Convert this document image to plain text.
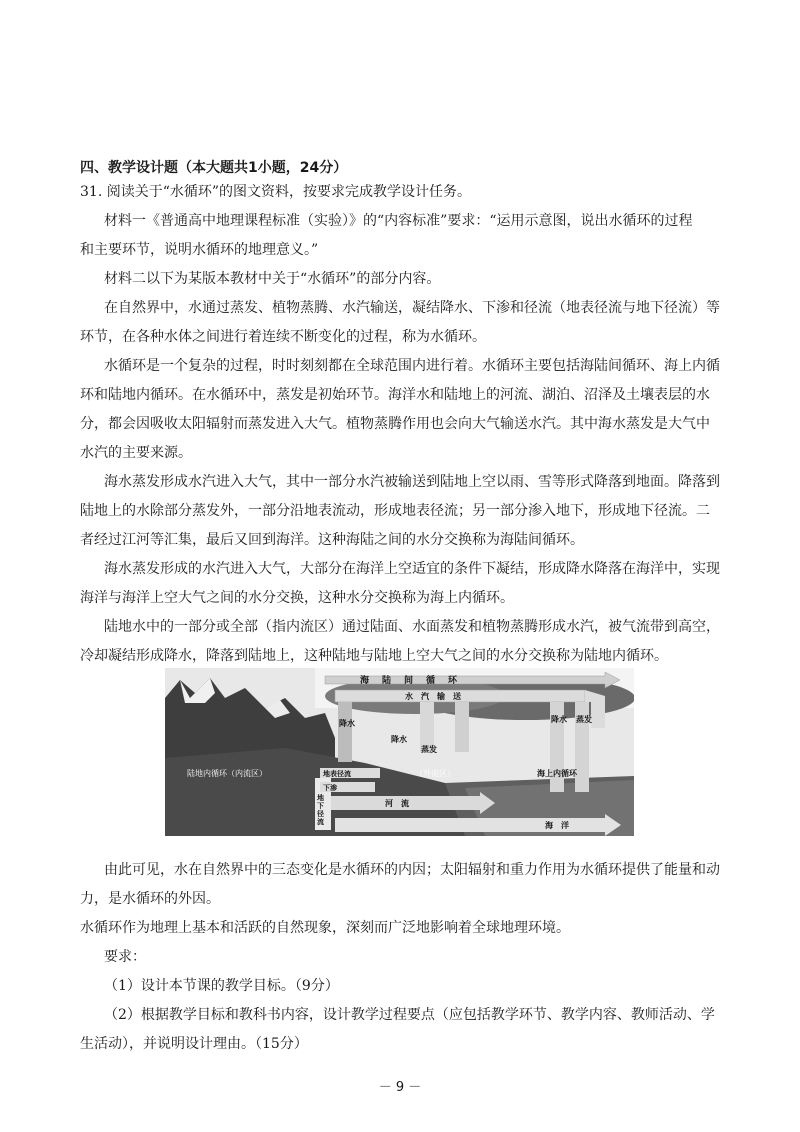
四、教学设计题（本大题共1小题，24分）
31. 阅读关于“水循环”的图文资料，按要求完成教学设计任务。
材料一《普通高中地理课程标准（实验）》的“内容标准”要求：“运用示意图，说出水循环的过程
和主要环节，说明水循环的地理意义。”
材料二以下为某版本教材中关于“水循环”的部分内容。
在自然界中，水通过蒸发、植物蒸腾、水汽输送，凝结降水、下渗和径流（地表径流与地下径流）等
环节，在各种水体之间进行着连续不断变化的过程，称为水循环。
水循环是一个复杂的过程，时时刻刻都在全球范围内进行着。水循环主要包括海陆间循环、海上内循
环和陆地内循环。在水循环中，蒸发是初始环节。海洋水和陆地上的河流、湖泊、沼泽及土壤表层的水
分，都会因吸收太阳辐射而蒸发进入大气。植物蒸腾作用也会向大气输送水汽。其中海水蒸发是大气中
水汽的主要来源。
海水蒸发形成水汽进入大气，其中一部分水汽被输送到陆地上空以雨、雪等形式降落到地面。降落到
陆地上的水除部分蒸发外，一部分沿地表流动，形成地表径流；另一部分渗入地下，形成地下径流。二
者经过江河等汇集，最后又回到海洋。这种海陆之间的水分交换称为海陆间循环。
海水蒸发形成的水汽进入大气，大部分在海洋上空适宜的条件下凝结，形成降水降落在海洋中，实现
海洋与海洋上空大气之间的水分交换，这种水分交换称为海上内循环。
陆地水中的一部分或全部（指内流区）通过陆面、水面蒸发和植物蒸腾形成水汽，被气流带到高空，
冷却凝结形成降水，降落到陆地上，这种陆地与陆地上空大气之间的水分交换称为陆地内循环。
海　陆　间　循　环
水　汽　输　送
降水
降水
蒸发
降水 蒸发
海上内循环
陆地内循环（内流区）	（外流区）
地表径流
下渗
地下径流
河　流
海　洋
由此可见，水在自然界中的三态变化是水循环的内因；太阳辐射和重力作用为水循环提供了能量和动
力，是水循环的外因。
水循环作为地理上基本和活跃的自然现象，深刻而广泛地影响着全球地理环境。
要求：
（1）设计本节课的教学目标。（9分）
（2）根据教学目标和教科书内容，设计教学过程要点（应包括教学环节、教学内容、教师活动、学
生活动），并说明设计理由。（15分）
－ 9 －
